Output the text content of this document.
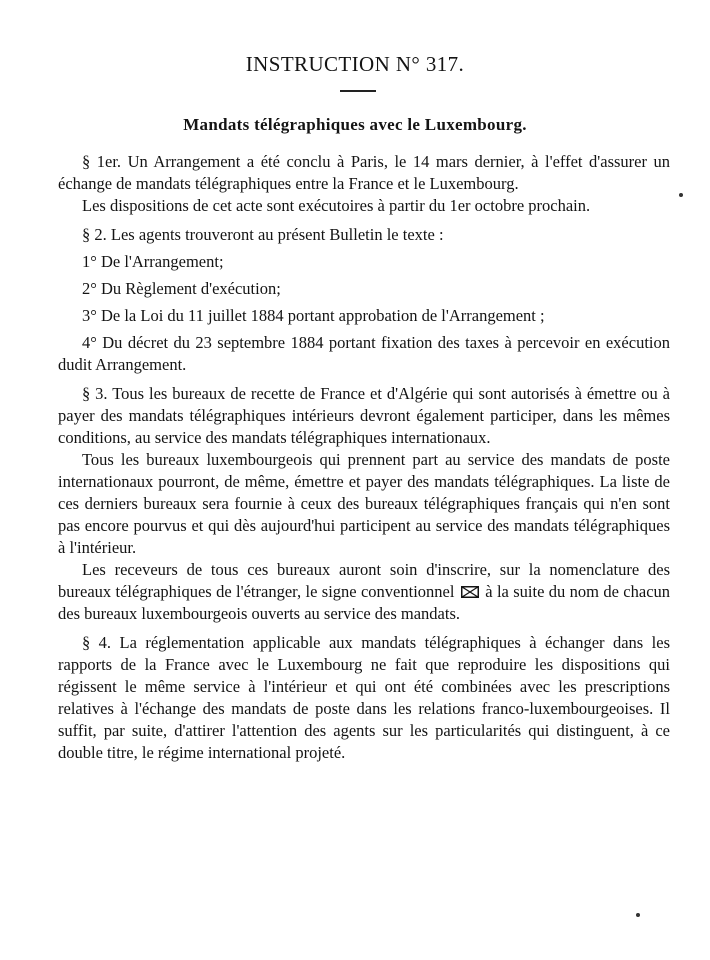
INSTRUCTION N° 317.
Mandats télégraphiques avec le Luxembourg.

§ 1er. Un Arrangement a été conclu à Paris, le 14 mars dernier, à l'effet d'assurer un échange de mandats télégraphiques entre la France et le Luxembourg.

Les dispositions de cet acte sont exécutoires à partir du 1er octobre prochain.

§ 2. Les agents trouveront au présent Bulletin le texte :

1° De l'Arrangement;

2° Du Règlement d'exécution;

3° De la Loi du 11 juillet 1884 portant approbation de l'Arrangement ;

4° Du décret du 23 septembre 1884 portant fixation des taxes à percevoir en exécution dudit Arrangement.

§ 3. Tous les bureaux de recette de France et d'Algérie qui sont autorisés à émettre ou à payer des mandats télégraphiques intérieurs devront également participer, dans les mêmes conditions, au service des mandats télégraphiques internationaux.

Tous les bureaux luxembourgeois qui prennent part au service des mandats de poste internationaux pourront, de même, émettre et payer des mandats télégraphiques. La liste de ces derniers bureaux sera fournie à ceux des bureaux télégraphiques français qui n'en sont pas encore pourvus et qui dès aujourd'hui participent au service des mandats télégraphiques à l'intérieur.

Les receveurs de tous ces bureaux auront soin d'inscrire, sur la nomenclature des bureaux télégraphiques de l'étranger, le signe conventionnel à la suite du nom de chacun des bureaux luxembourgeois ouverts au service des mandats.

§ 4. La réglementation applicable aux mandats télégraphiques à échanger dans les rapports de la France avec le Luxembourg ne fait que reproduire les dispositions qui régissent le même service à l'intérieur et qui ont été combinées avec les prescriptions relatives à l'échange des mandats de poste dans les relations franco-luxembourgeoises. Il suffit, par suite, d'attirer l'attention des agents sur les particularités qui distinguent, à ce double titre, le régime international projeté.
